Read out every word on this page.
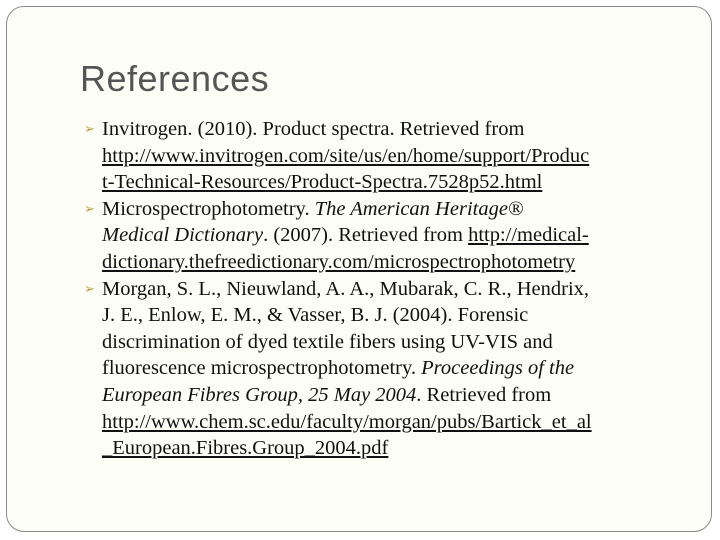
References
➢ Invitrogen. (2010). Product spectra. Retrieved from
http://www.invitrogen.com/site/us/en/home/support/Produc
t-Technical-Resources/Product-Spectra.7528p52.html
➢ Microspectrophotometry. The American Heritage®
Medical Dictionary. (2007). Retrieved from http://medical-
dictionary.thefreedictionary.com/microspectrophotometry
➢ Morgan, S. L., Nieuwland, A. A., Mubarak, C. R., Hendrix,
J. E., Enlow, E. M., & Vasser, B. J. (2004). Forensic
discrimination of dyed textile fibers using UV-VIS and
fluorescence microspectrophotometry. Proceedings of the
European Fibres Group, 25 May 2004. Retrieved from
http://www.chem.sc.edu/faculty/morgan/pubs/Bartick_et_al
_European.Fibres.Group_2004.pdf
